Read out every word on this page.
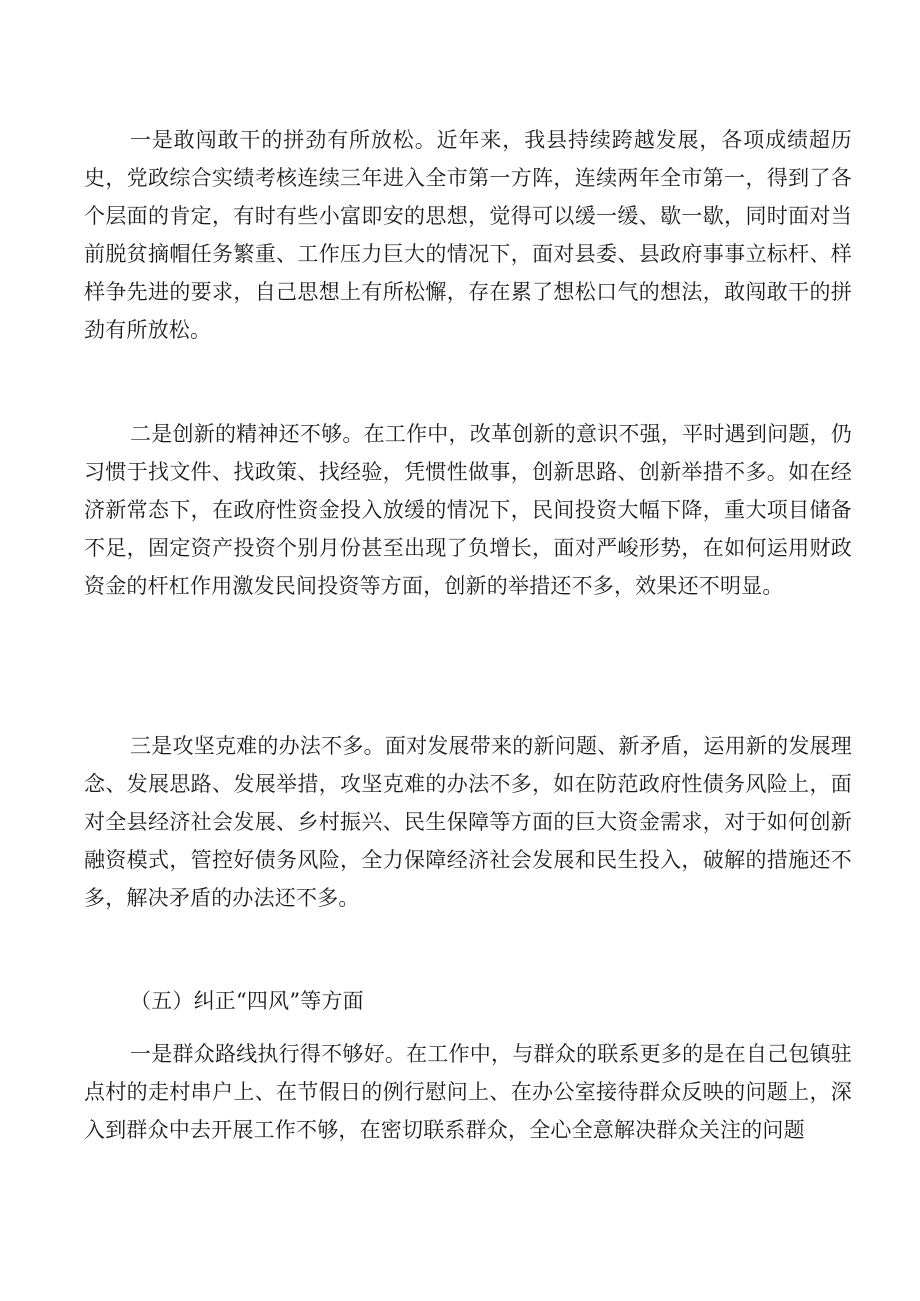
一是敢闯敢干的拼劲有所放松。近年来，我县持续跨越发展，各项成绩超历史，党政综合实绩考核连续三年进入全市第一方阵，连续两年全市第一，得到了各个层面的肯定，有时有些小富即安的思想，觉得可以缓一缓、歇一歇，同时面对当前脱贫摘帽任务繁重、工作压力巨大的情况下，面对县委、县政府事事立标杆、样样争先进的要求，自己思想上有所松懈，存在累了想松口气的想法，敢闯敢干的拼劲有所放松。

二是创新的精神还不够。在工作中，改革创新的意识不强，平时遇到问题，仍习惯于找文件、找政策、找经验，凭惯性做事，创新思路、创新举措不多。如在经济新常态下，在政府性资金投入放缓的情况下，民间投资大幅下降，重大项目储备不足，固定资产投资个别月份甚至出现了负增长，面对严峻形势，在如何运用财政资金的杆杠作用激发民间投资等方面，创新的举措还不多，效果还不明显。

三是攻坚克难的办法不多。面对发展带来的新问题、新矛盾，运用新的发展理念、发展思路、发展举措，攻坚克难的办法不多，如在防范政府性债务风险上，面对全县经济社会发展、乡村振兴、民生保障等方面的巨大资金需求，对于如何创新融资模式，管控好债务风险，全力保障经济社会发展和民生投入，破解的措施还不多，解决矛盾的办法还不多。

（五）纠正“四风”等方面

一是群众路线执行得不够好。在工作中，与群众的联系更多的是在自己包镇驻点村的走村串户上、在节假日的例行慰问上、在办公室接待群众反映的问题上，深入到群众中去开展工作不够，在密切联系群众，全心全意解决群众关注的问题
